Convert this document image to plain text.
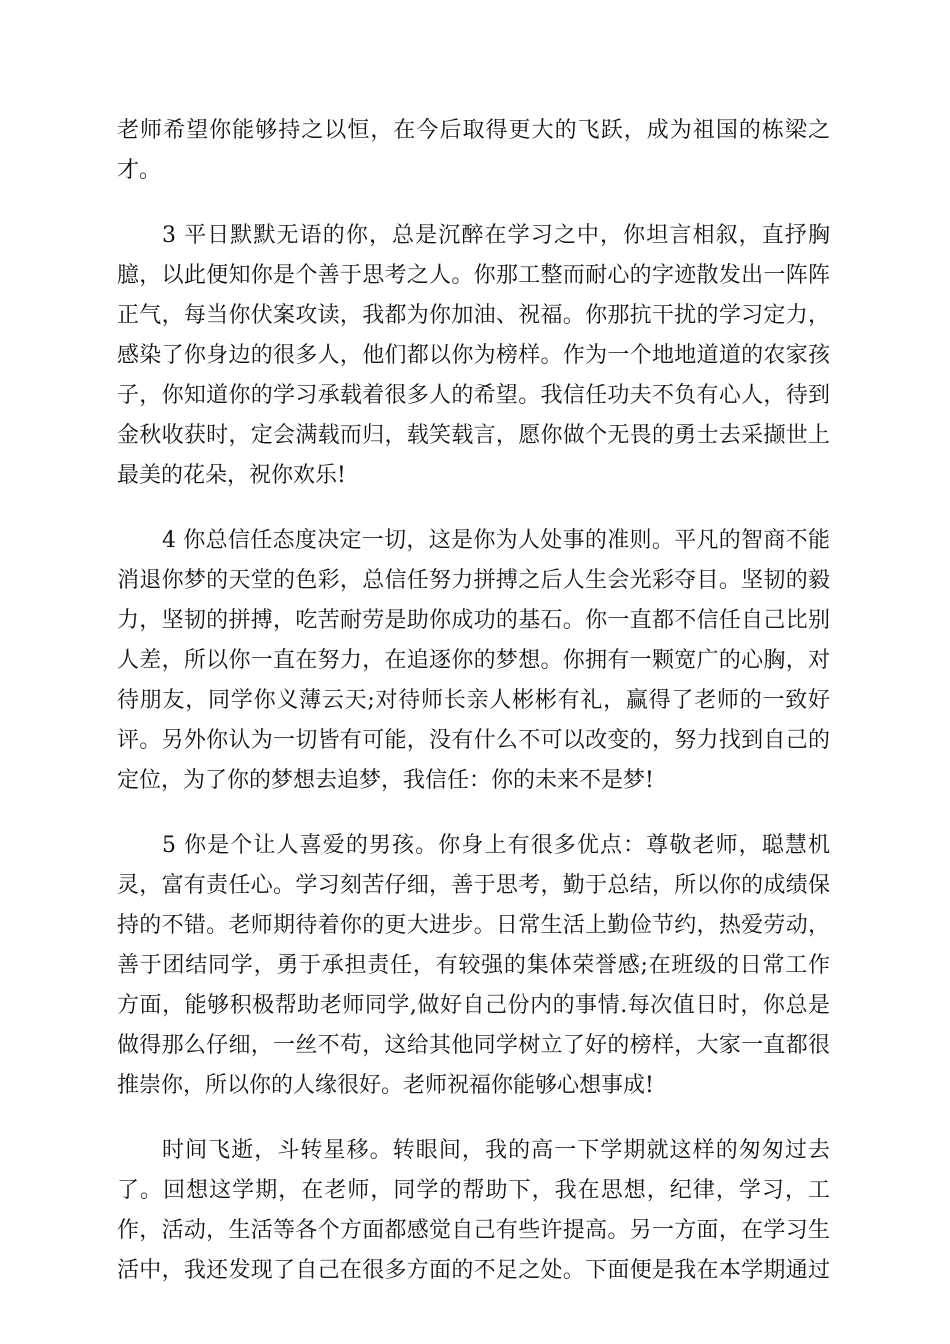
老师希望你能够持之以恒，在今后取得更大的飞跃，成为祖国的栋梁之
才。
3 平日默默无语的你，总是沉醉在学习之中，你坦言相叙，直抒胸
臆，以此便知你是个善于思考之人。你那工整而耐心的字迹散发出一阵阵
正气，每当你伏案攻读，我都为你加油、祝福。你那抗干扰的学习定力，
感染了你身边的很多人，他们都以你为榜样。作为一个地地道道的农家孩
子，你知道你的学习承载着很多人的希望。我信任功夫不负有心人，待到
金秋收获时，定会满载而归，载笑载言，愿你做个无畏的勇士去采撷世上
最美的花朵，祝你欢乐!
4 你总信任态度决定一切，这是你为人处事的准则。平凡的智商不能
消退你梦的天堂的色彩，总信任努力拼搏之后人生会光彩夺目。坚韧的毅
力，坚韧的拼搏，吃苦耐劳是助你成功的基石。你一直都不信任自己比别
人差，所以你一直在努力，在追逐你的梦想。你拥有一颗宽广的心胸，对
待朋友，同学你义薄云天;对待师长亲人彬彬有礼，赢得了老师的一致好
评。另外你认为一切皆有可能，没有什么不可以改变的，努力找到自己的
定位，为了你的梦想去追梦，我信任：你的未来不是梦!
5 你是个让人喜爱的男孩。你身上有很多优点：尊敬老师，聪慧机
灵，富有责任心。学习刻苦仔细，善于思考，勤于总结，所以你的成绩保
持的不错。老师期待着你的更大进步。日常生活上勤俭节约，热爱劳动，
善于团结同学，勇于承担责任，有较强的集体荣誉感;在班级的日常工作
方面，能够积极帮助老师同学,做好自己份内的事情.每次值日时，你总是
做得那么仔细，一丝不苟，这给其他同学树立了好的榜样，大家一直都很
推崇你，所以你的人缘很好。老师祝福你能够心想事成!
时间飞逝，斗转星移。转眼间，我的高一下学期就这样的匆匆过去
了。回想这学期，在老师，同学的帮助下，我在思想，纪律，学习，工
作，活动，生活等各个方面都感觉自己有些许提高。另一方面，在学习生
活中，我还发现了自己在很多方面的不足之处。下面便是我在本学期通过
